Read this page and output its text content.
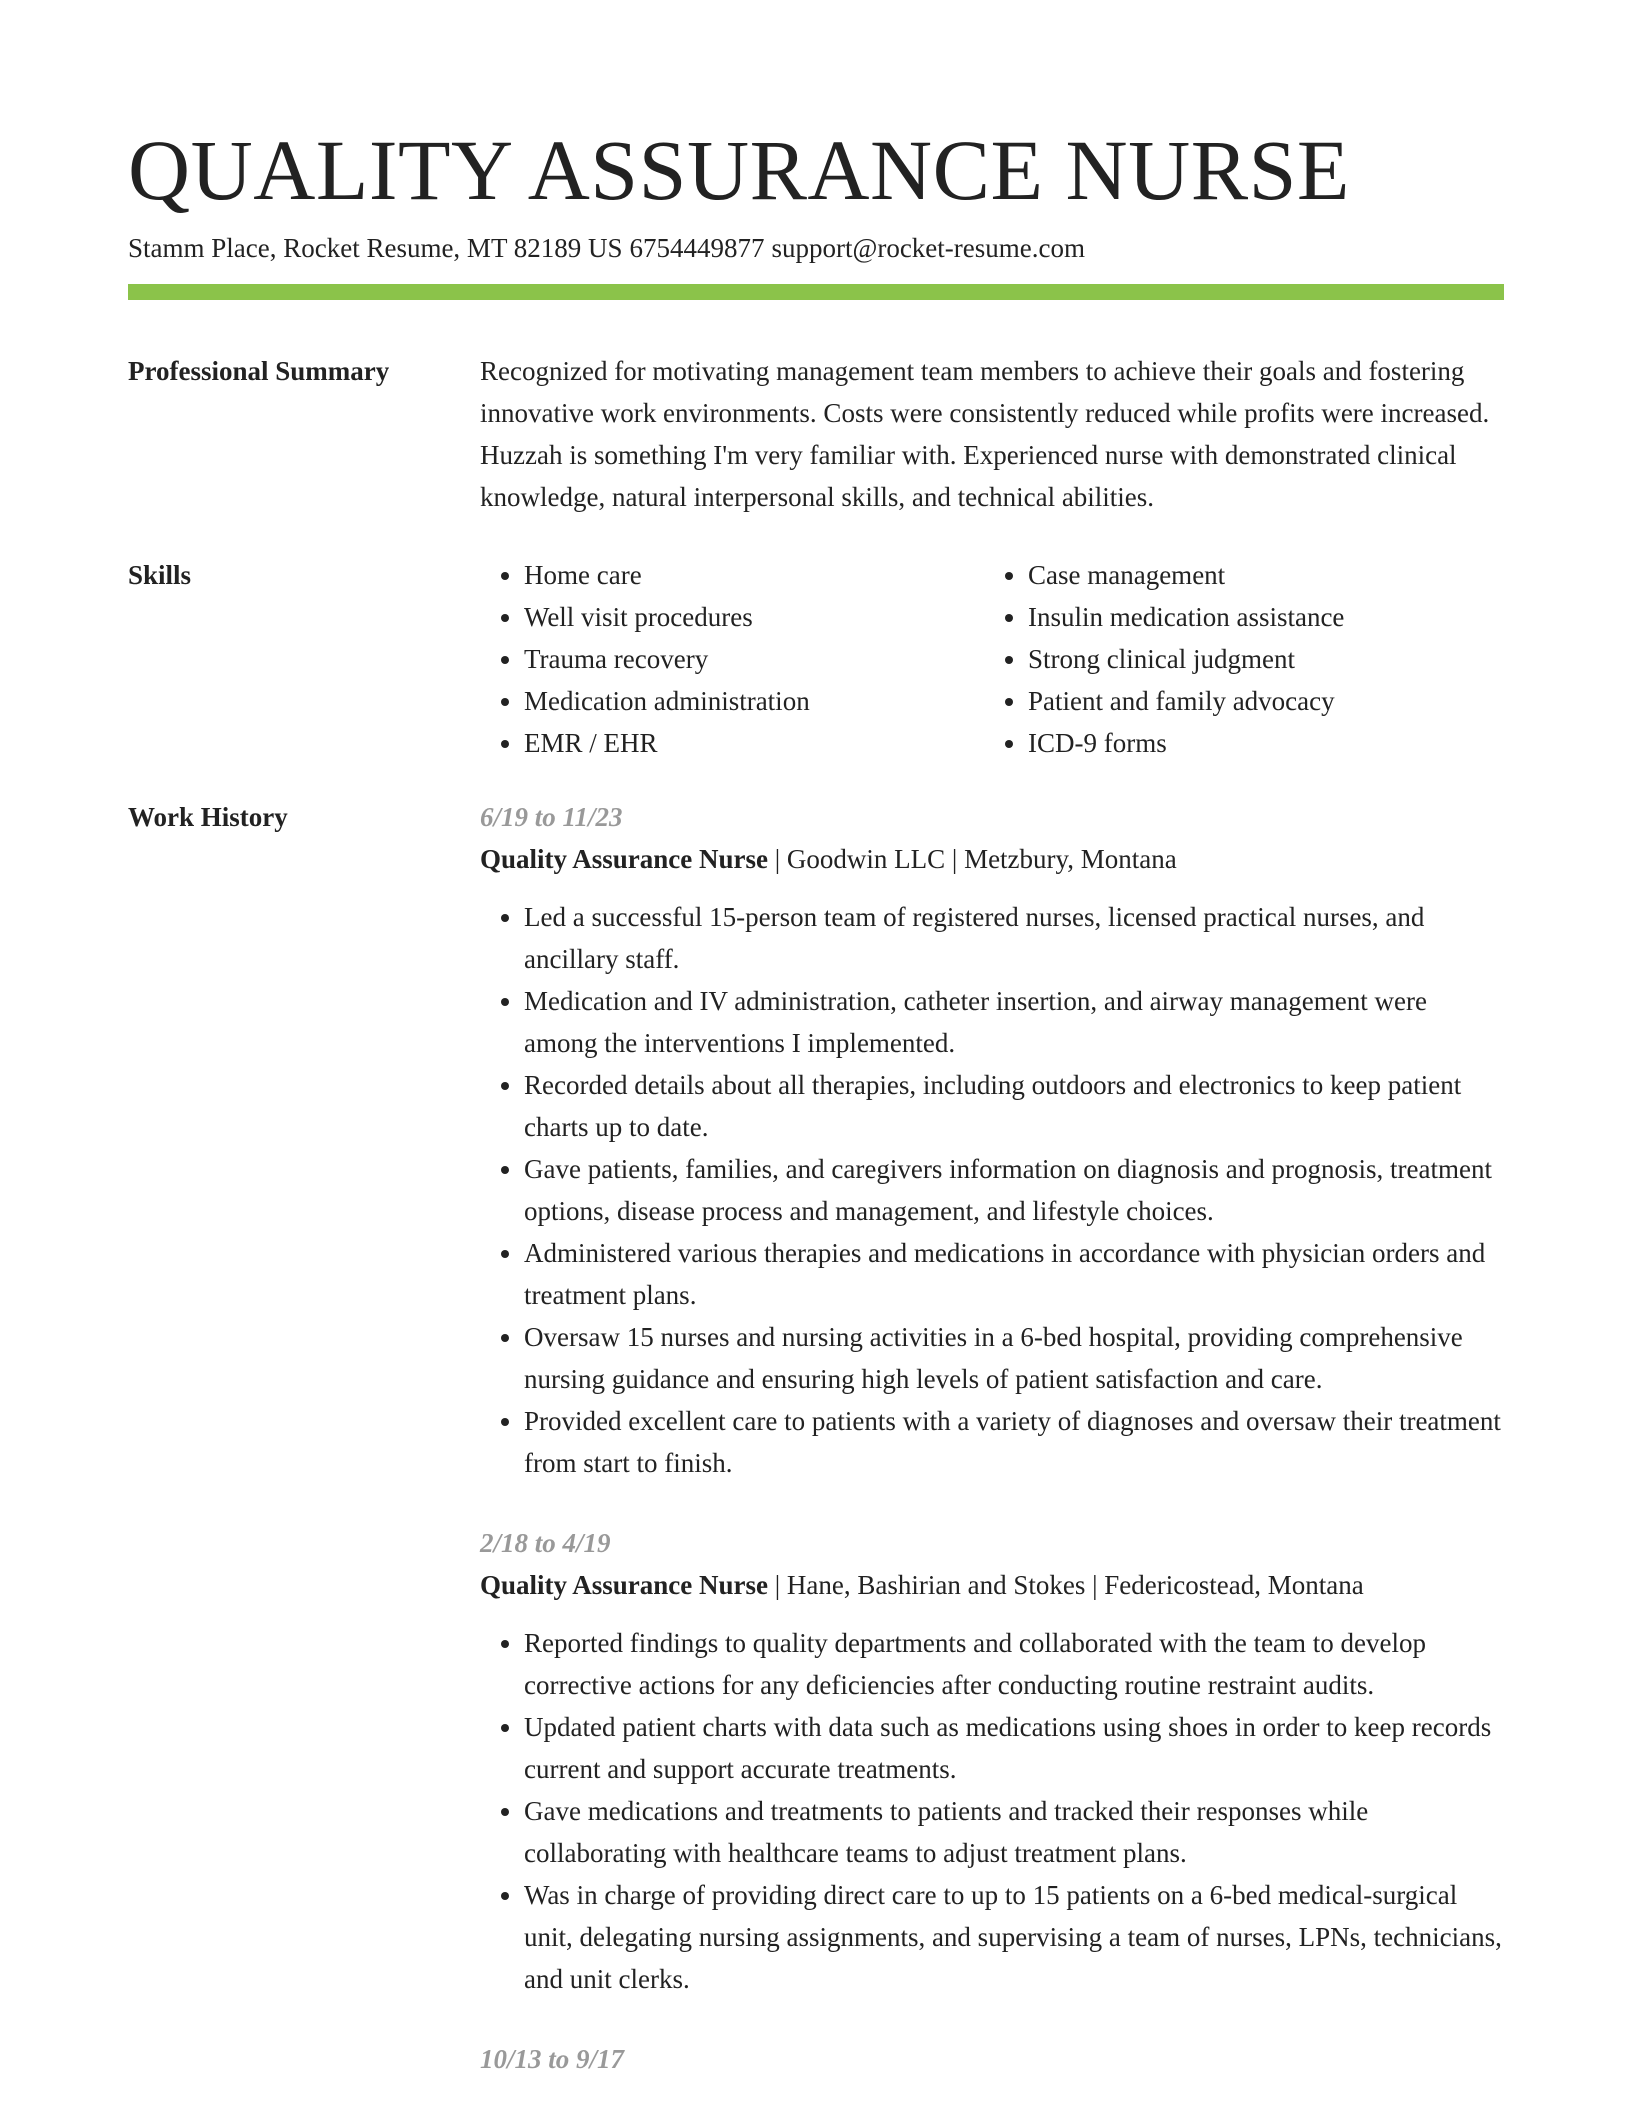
QUALITY ASSURANCE NURSE
Stamm Place, Rocket Resume, MT 82189 US 6754449877 support@rocket-resume.com
Professional Summary	Recognized for motivating management team members to achieve their goals and fostering innovative work environments. Costs were consistently reduced while profits were increased. Huzzah is something I'm very familiar with. Experienced nurse with demonstrated clinical knowledge, natural interpersonal skills, and technical abilities.

Skills
•	Home care
• Well visit procedures
• Trauma recovery
• Medication administration
• EMR / EHR
• Case management
• Insulin medication assistance
• Strong clinical judgment
• Patient and family advocacy
• ICD-9 forms
Work History	6/19 to 11/23
Quality Assurance Nurse | Goodwin LLC | Metzbury, Montana
• Led a successful 15-person team of registered nurses, licensed practical nurses, and ancillary staff.
• Medication and IV administration, catheter insertion, and airway management were among the interventions I implemented.
• Recorded details about all therapies, including outdoors and electronics to keep patient charts up to date.
• Gave patients, families, and caregivers information on diagnosis and prognosis, treatment options, disease process and management, and lifestyle choices.
• Administered various therapies and medications in accordance with physician orders and treatment plans.
• Oversaw 15 nurses and nursing activities in a 6-bed hospital, providing comprehensive nursing guidance and ensuring high levels of patient satisfaction and care.
• Provided excellent care to patients with a variety of diagnoses and oversaw their treatment from start to finish.
2/18 to 4/19
Quality Assurance Nurse | Hane, Bashirian and Stokes | Federicostead, Montana
• Reported findings to quality departments and collaborated with the team to develop corrective actions for any deficiencies after conducting routine restraint audits.
• Updated patient charts with data such as medications using shoes in order to keep records current and support accurate treatments.
• Gave medications and treatments to patients and tracked their responses while collaborating with healthcare teams to adjust treatment plans.
• Was in charge of providing direct care to up to 15 patients on a 6-bed medical-surgical unit, delegating nursing assignments, and supervising a team of nurses, LPNs, technicians, and unit clerks.
10/13 to 9/17
